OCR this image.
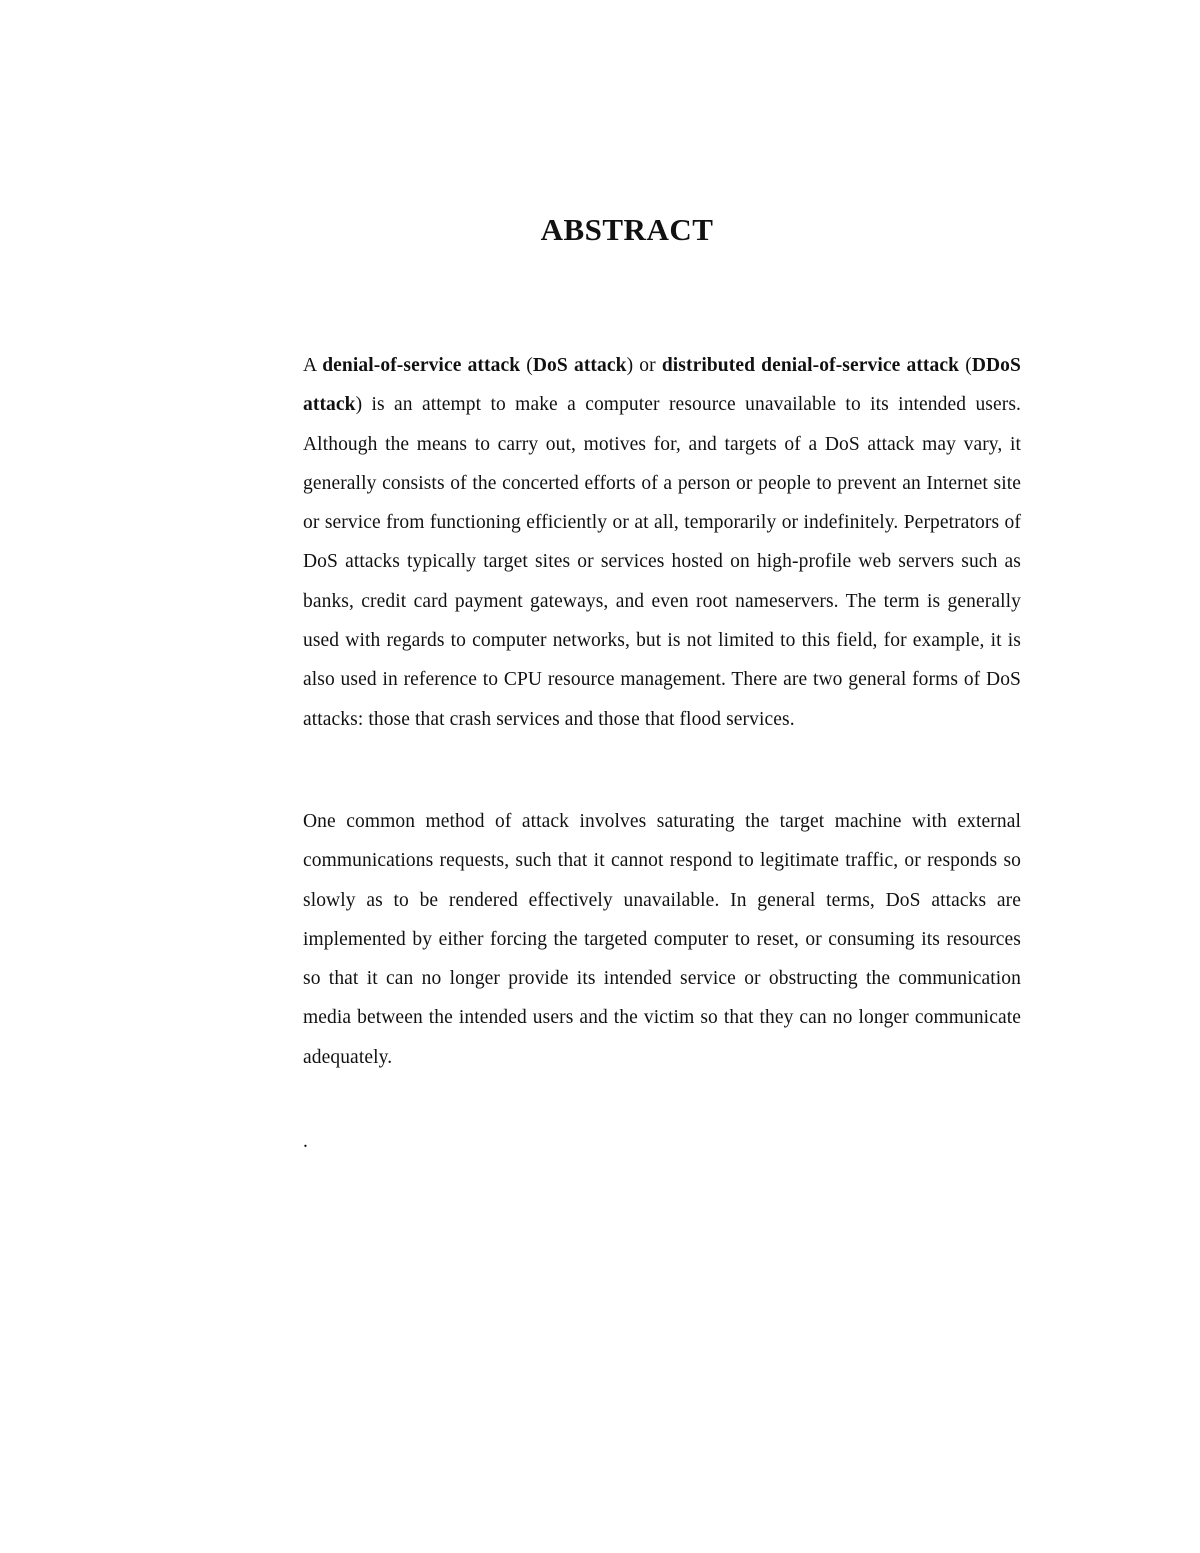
ABSTRACT

A denial-of-service attack (DoS attack) or distributed denial-of-service attack (DDoS attack) is an attempt to make a computer resource unavailable to its intended users. Although the means to carry out, motives for, and targets of a DoS attack may vary, it generally consists of the concerted efforts of a person or people to prevent an Internet site or service from functioning efficiently or at all, temporarily or indefinitely. Perpetrators of DoS attacks typically target sites or services hosted on high-profile web servers such as banks, credit card payment gateways, and even root nameservers. The term is generally used with regards to computer networks, but is not limited to this field, for example, it is also used in reference to CPU resource management. There are two general forms of DoS attacks: those that crash services and those that flood services.

One common method of attack involves saturating the target machine with external communications requests, such that it cannot respond to legitimate traffic, or responds so slowly as to be rendered effectively unavailable. In general terms, DoS attacks are implemented by either forcing the targeted computer to reset, or consuming its resources so that it can no longer provide its intended service or obstructing the communication media between the intended users and the victim so that they can no longer communicate adequately.

.
